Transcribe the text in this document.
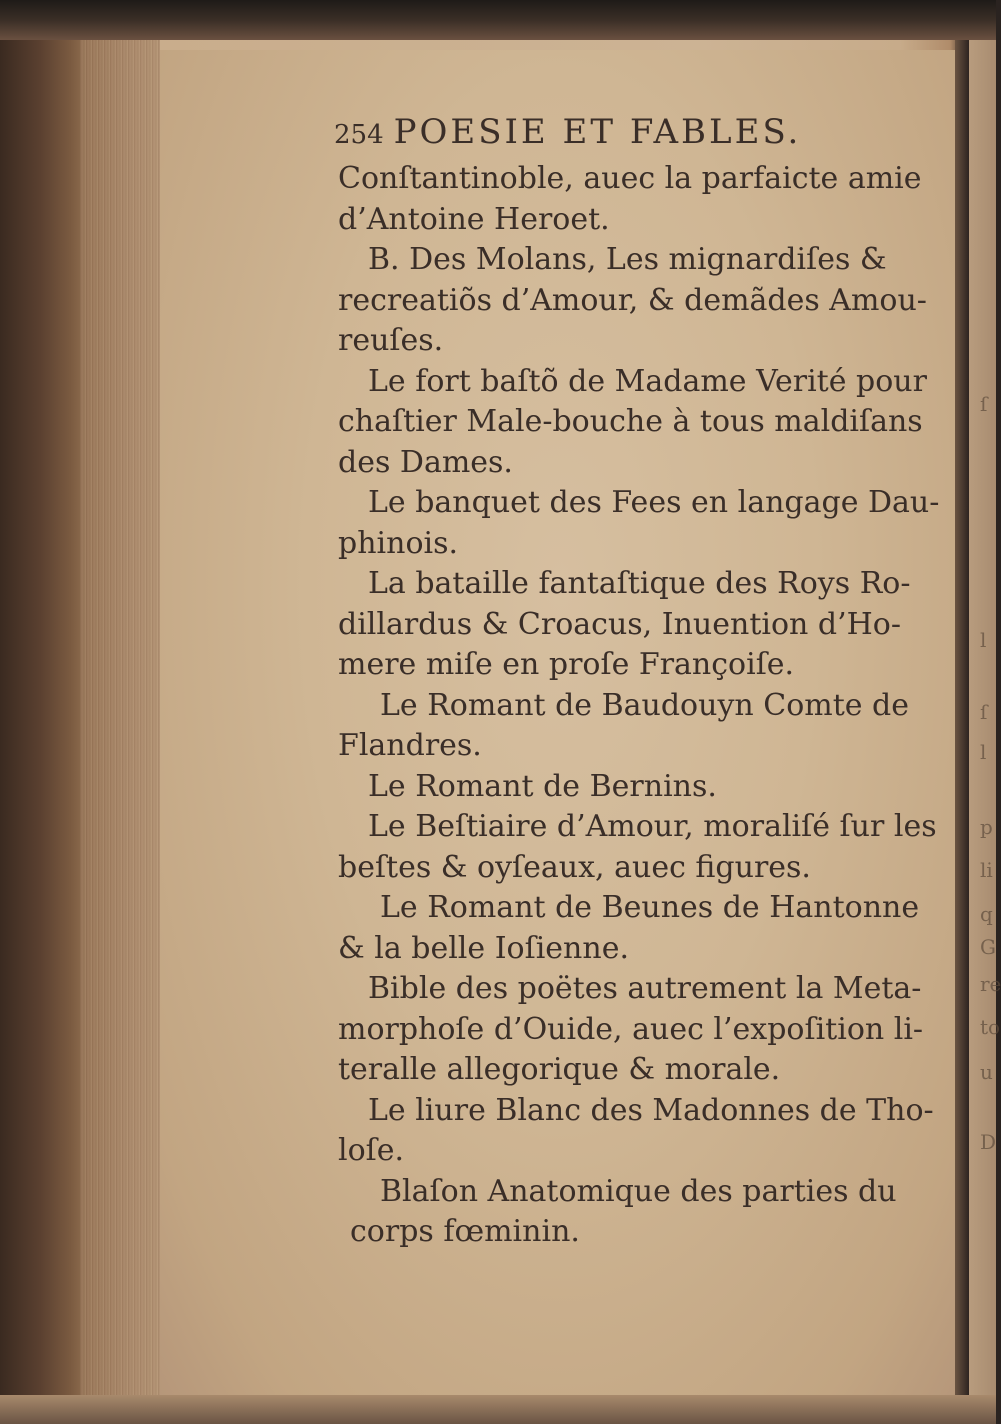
ſ
l
ſ
l
p
li
q
G
re
to
u
D
254 POESIE ET FABLES.
Conſtantinoble, auec la parfaicte amie
d’Antoine Heroet.
B. Des Molans, Les mignardiſes &
recreatiõs d’Amour, & demãdes Amou-
reuſes.
Le fort baſtõ de Madame Verité pour
chaſtier Male-bouche à tous maldiſans
des Dames.
Le banquet des Fees en langage Dau-
phinois.
La bataille fantaſtique des Roys Ro-
dillardus & Croacus, Inuention d’Ho-
mere miſe en proſe Françoiſe.
Le Romant de Baudouyn Comte de
Flandres.
Le Romant de Bernins.
Le Beſtiaire d’Amour, moraliſé ſur les
beſtes & oyſeaux, auec figures.
Le Romant de Beunes de Hantonne
& la belle Ioſienne.
Bible des poëtes autrement la Meta-
morphoſe d’Ouide, auec l’expoſition li-
teralle allegorique & morale.
Le liure Blanc des Madonnes de Tho-
loſe.
Blaſon Anatomique des parties du
corps fœminin.
